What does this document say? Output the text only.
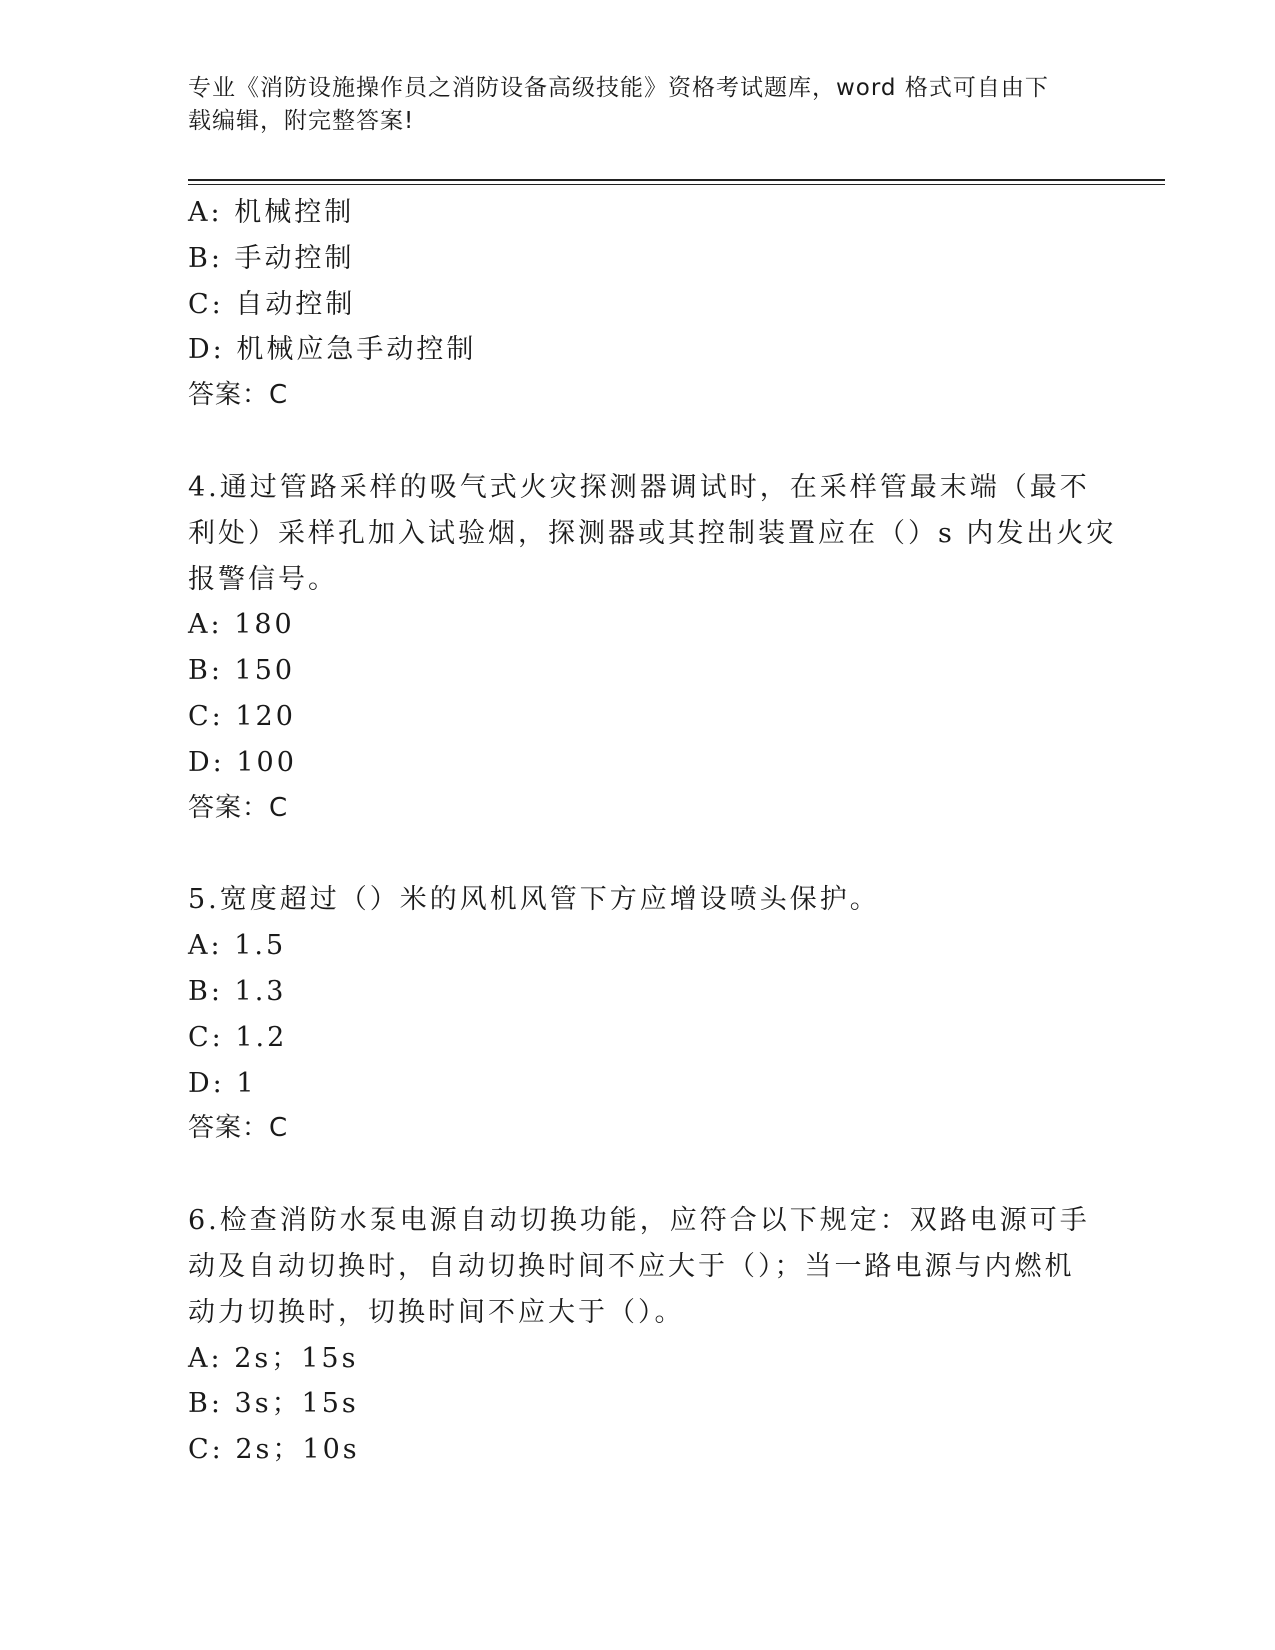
专业《消防设施操作员之消防设备高级技能》资格考试题库，word 格式可自由下
载编辑，附完整答案!
A: 机械控制
B: 手动控制
C: 自动控制
D: 机械应急手动控制
答案：C
4.通过管路采样的吸气式火灾探测器调试时，在采样管最末端（最不
利处）采样孔加入试验烟，探测器或其控制装置应在（）s 内发出火灾
报警信号。
A: 180
B: 150
C: 120
D: 100
答案：C
5.宽度超过（）米的风机风管下方应增设喷头保护。
A: 1.5
B: 1.3
C: 1.2
D: 1
答案：C
6.检查消防水泵电源自动切换功能，应符合以下规定：双路电源可手
动及自动切换时，自动切换时间不应大于（）；当一路电源与内燃机
动力切换时，切换时间不应大于（）。
A: 2s；15s
B: 3s；15s
C: 2s；10s
